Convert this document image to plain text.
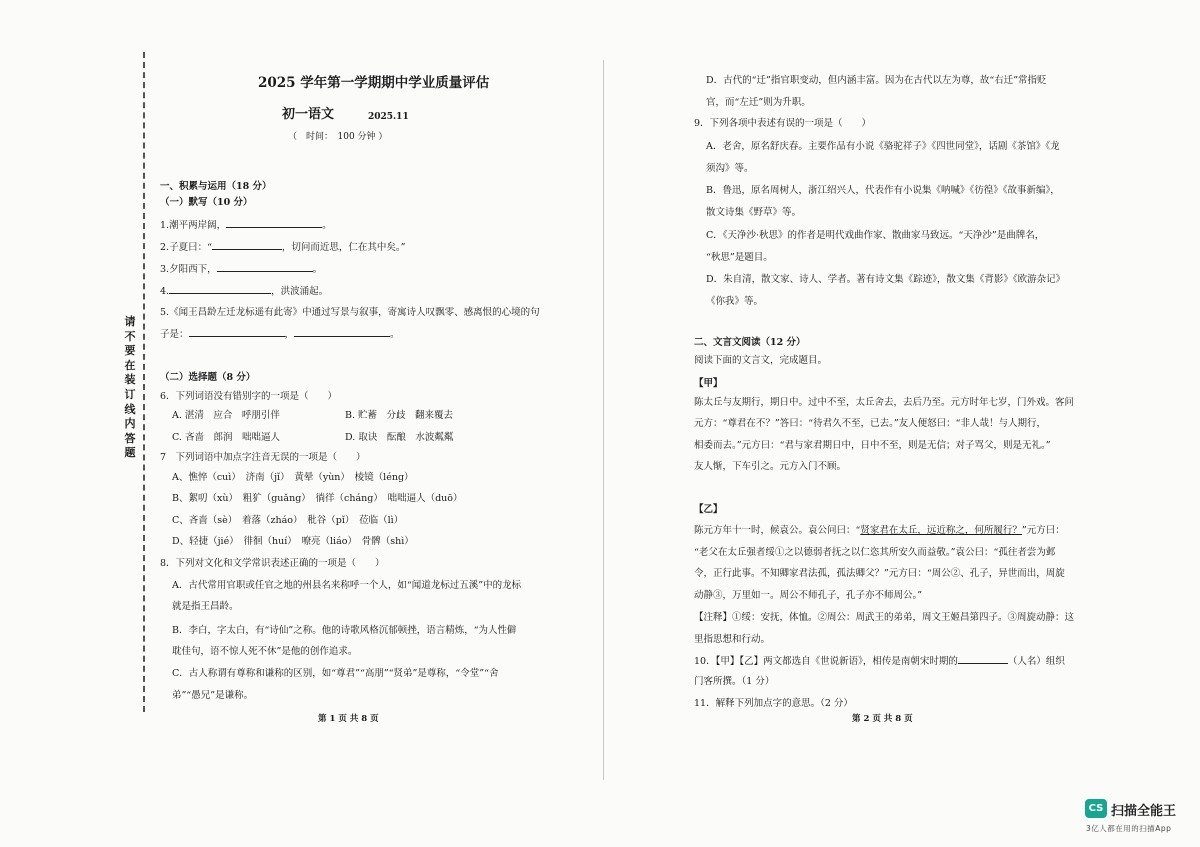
请
不
要
在
装
订
线
内
答
题
2025 学年第一学期期中学业质量评估
初一语文	2025.11
（　时间：　100 分钟 ）
一、积累与运用（18 分）
（一）默写（10 分）
1.潮平两岸阔，	。
2.子夏曰：“	，切问而近思，仁在其中矣。”
3.夕阳西下，	。
4.	，洪波涌起。
5.《闻王昌龄左迁龙标遥有此寄》中通过写景与叙事，寄寓诗人叹飘零、感离恨的心境的句
子是：	，	。
（二）选择题（8 分）
6．下列词语没有错别字的一项是（　　）
A. 湛清　应合　呼朋引伴	B. 贮蓄　分歧　翻来覆去
C. 吝啬　郎润　咄咄逼人	D. 取诀　酝酿　水波粼粼
7　下列词语中加点字注音无误的一项是（　　）
A、憔悴（cuì）　济南（jǐ）　黄晕（yùn）　棱镜（léng）
B、絮叨（xù）　粗犷（guǎng）　徜徉（cháng）　咄咄逼人（duō）
C、吝啬（sè）　着落（zháo）　秕谷（pǐ）　莅临（lì）
D、轻捷（jié）　徘徊（huí）　嘹亮（liáo）　骨髀（shì）
8．下列对文化和文学常识表述正确的一项是（　　）
A．古代常用官职或任官之地的州县名来称呼一个人，如“闻道龙标过五溪”中的龙标
就是指王昌龄。
B．李白，字太白，有“诗仙”之称。他的诗歌风格沉郁顿挫，语言精炼，“为人性僻
耽佳句，语不惊人死不休”是他的创作追求。
C．古人称谓有尊称和谦称的区别，如“尊君”“高朋”“贤弟”是尊称，“令堂”“舍
弟”“愚兄”是谦称。
第 1 页 共 8 页
D．古代的“迁”指官职变动，但内涵丰富。因为在古代以左为尊，故“右迁”常指贬
官，而“左迁”则为升职。
9．下列各项中表述有误的一项是（　　）
A．老舍，原名舒庆春。主要作品有小说《骆驼祥子》《四世同堂》，话剧《茶馆》《龙
须沟》等。
B．鲁迅，原名周树人，浙江绍兴人，代表作有小说集《呐喊》《彷徨》《故事新编》，
散文诗集《野草》等。
C．《天净沙·秋思》的作者是明代戏曲作家、散曲家马致远。“天净沙”是曲牌名，
“秋思”是题目。
D．朱自清，散文家、诗人、学者。著有诗文集《踪迹》，散文集《背影》《欧游杂记》
《你我》等。
二、文言文阅读（12 分）
阅读下面的文言文，完成题目。
【甲】
陈太丘与友期行，期日中。过中不至，太丘舍去，去后乃至。元方时年七岁，门外戏。客问
元方：“尊君在不？”答曰：“待君久不至，已去。”友人便怒曰：“非人哉！与人期行，
相委而去。”元方曰：“君与家君期日中，日中不至，则是无信；对子骂父，则是无礼。”
友人惭，下车引之。元方入门不顾。
【乙】
陈元方年十一时，候袁公。袁公问曰：“贤家君在太丘，远近称之，何所履行？”元方曰：
“老父在太丘强者绥①之以德弱者抚之以仁恣其所安久而益敬。”袁公曰：“孤往者尝为邺
令，正行此事。不知卿家君法孤，孤法卿父？”元方曰：“周公②、孔子，异世而出，周旋
动静③，万里如一。周公不师孔子，孔子亦不师周公。”
【注释】①绥：安抚，体恤。②周公：周武王的弟弟，周文王姬昌第四子。③周旋动静：这
里指思想和行动。
10．【甲】【乙】两文都选自《世说新语》，相传是南朝宋时期的	（人名）组织
门客所撰。（1 分）
11．解释下列加点字的意思。（2 分）
第 2 页 共 8 页
CS 扫描全能王
3亿人都在用的扫描App
